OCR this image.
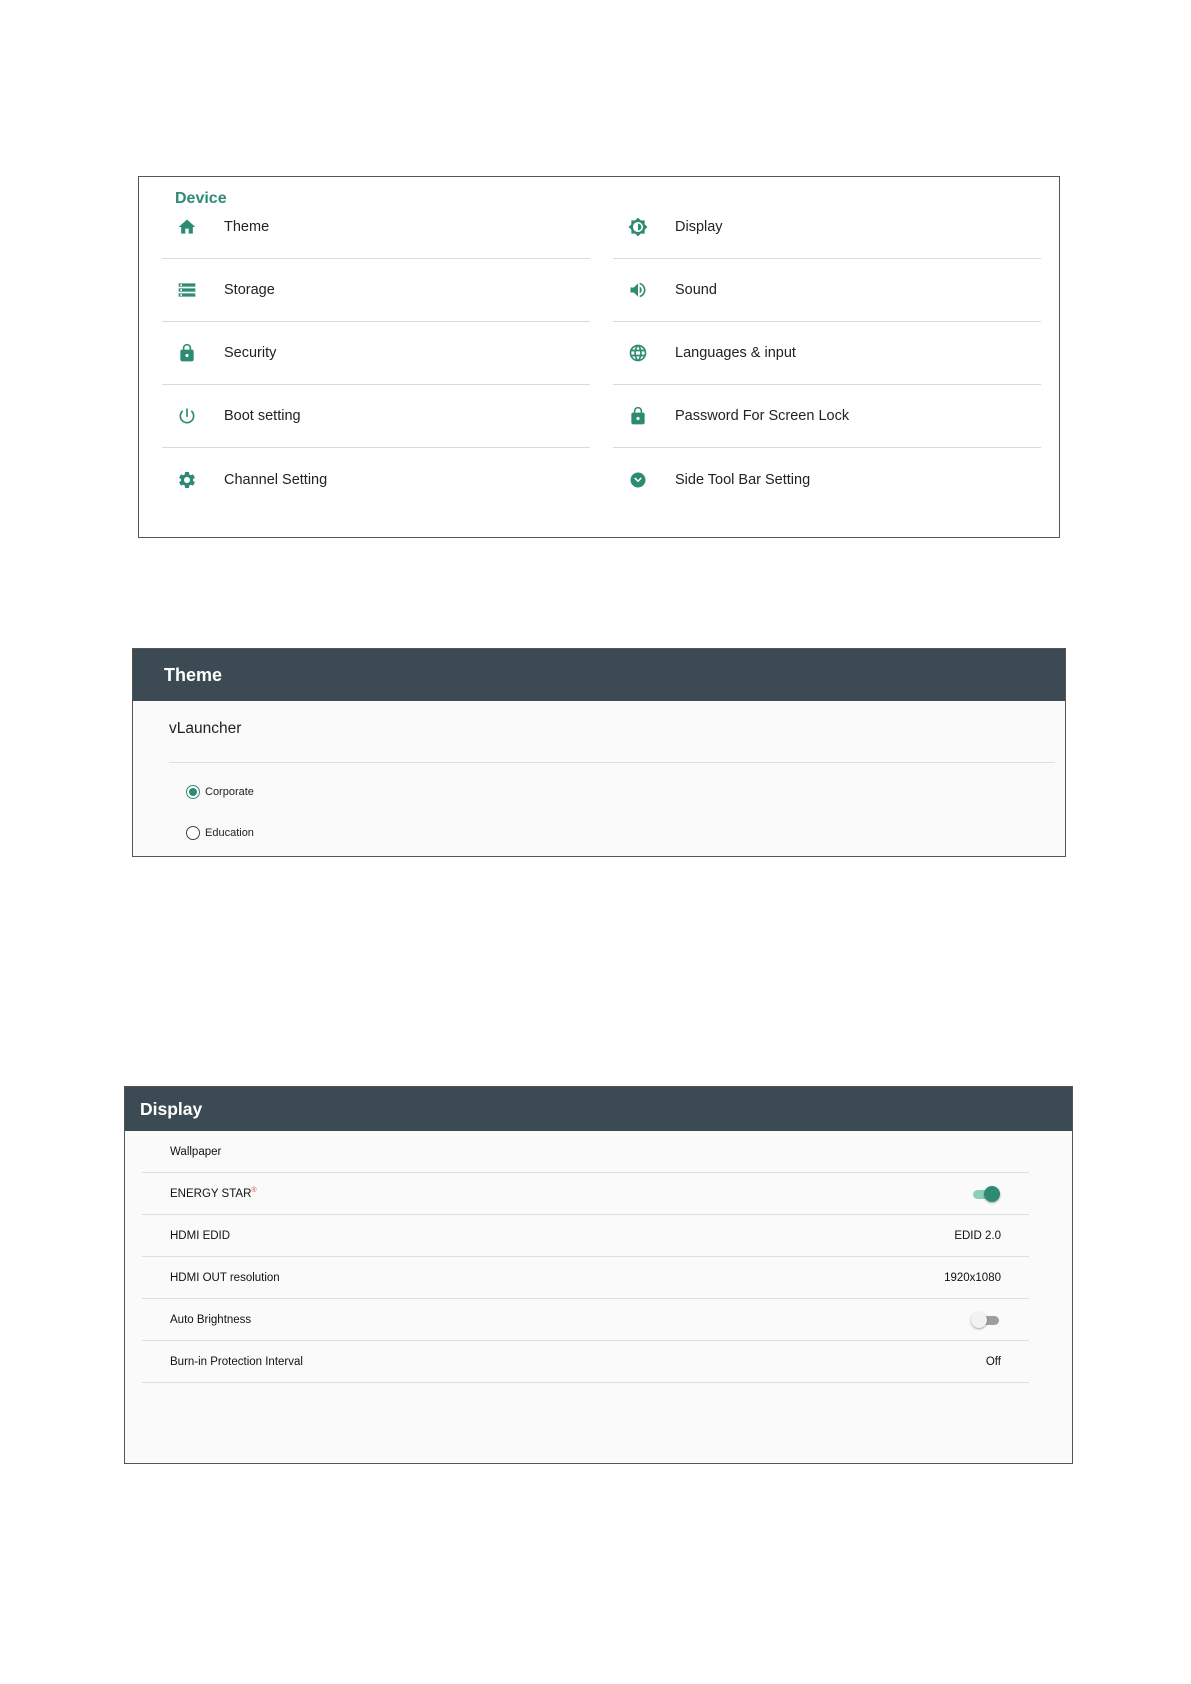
Device
Theme
Storage
Security
Boot setting
Channel Setting
Display
Sound
Languages & input
Password For Screen Lock
Side Tool Bar Setting
Theme
vLauncher
Corporate
Education
Display
Wallpaper
ENERGY STAR®
HDMI EDID	EDID 2.0
HDMI OUT resolution	1920x1080
Auto Brightness
Burn-in Protection Interval	Off
